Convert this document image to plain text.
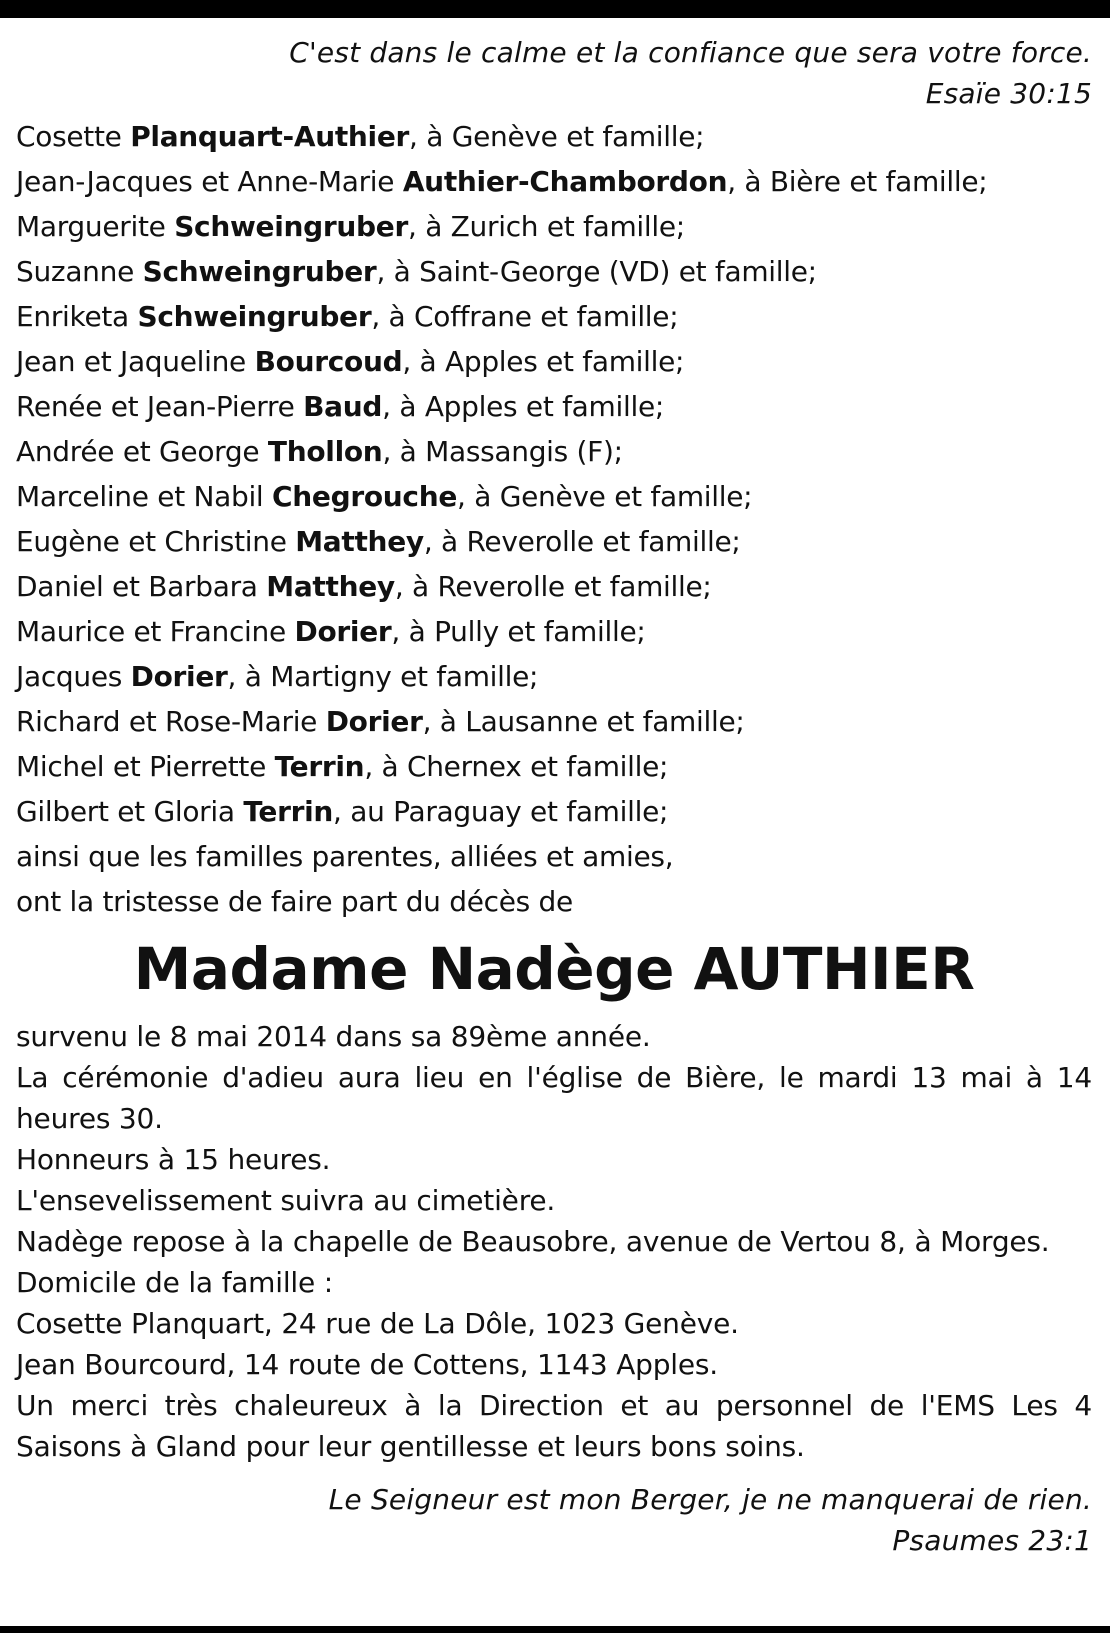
C'est dans le calme et la confiance que sera votre force.
Esaïe 30:15
Cosette Planquart-Authier, à Genève et famille;
Jean-Jacques et Anne-Marie Authier-Chambordon, à Bière et famille;
Marguerite Schweingruber, à Zurich et famille;
Suzanne Schweingruber, à Saint-George (VD) et famille;
Enriketa Schweingruber, à Coffrane et famille;
Jean et Jaqueline Bourcoud, à Apples et famille;
Renée et Jean-Pierre Baud, à Apples et famille;
Andrée et George Thollon, à Massangis (F);
Marceline et Nabil Chegrouche, à Genève et famille;
Eugène et Christine Matthey, à Reverolle et famille;
Daniel et Barbara Matthey, à Reverolle et famille;
Maurice et Francine Dorier, à Pully et famille;
Jacques Dorier, à Martigny et famille;
Richard et Rose-Marie Dorier, à Lausanne et famille;
Michel et Pierrette Terrin, à Chernex et famille;
Gilbert et Gloria Terrin, au Paraguay et famille;
ainsi que les familles parentes, alliées et amies,
ont la tristesse de faire part du décès de
Madame Nadège AUTHIER
survenu le 8 mai 2014 dans sa 89ème année.
La cérémonie d'adieu aura lieu en l'église de Bière, le mardi 13 mai à 14 heures 30.
Honneurs à 15 heures.
L'ensevelissement suivra au cimetière.
Nadège repose à la chapelle de Beausobre, avenue de Vertou 8, à Morges.
Domicile de la famille :
Cosette Planquart, 24 rue de La Dôle, 1023 Genève.
Jean Bourcourd, 14 route de Cottens, 1143 Apples.
Un merci très chaleureux à la Direction et au personnel de l'EMS Les 4 Saisons à Gland pour leur gentillesse et leurs bons soins.
Le Seigneur est mon Berger, je ne manquerai de rien.
Psaumes 23:1
